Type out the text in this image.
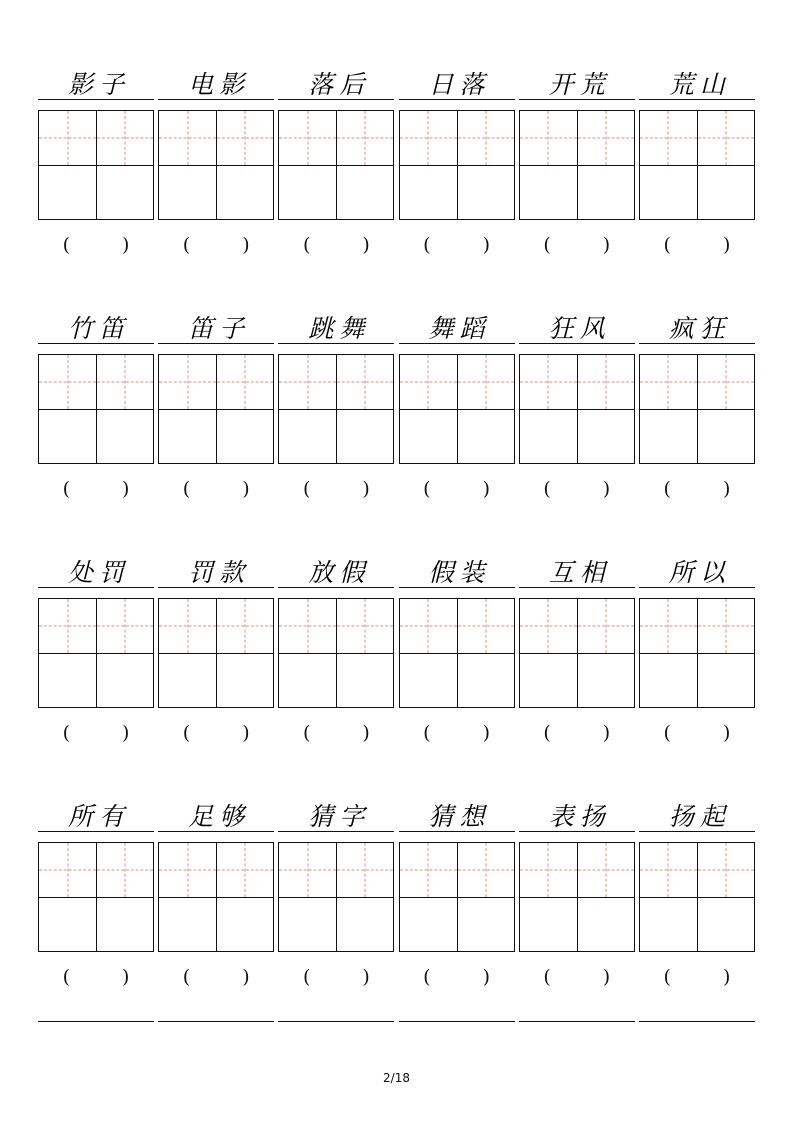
影子
(	)
电影
(	)
落后
(	)
日落
(	)
开荒
(	)
荒山
(	)
竹笛
(	)
笛子
(	)
跳舞
(	)
舞蹈
(	)
狂风
(	)
疯狂
(	)
处罚
(	)
罚款
(	)
放假
(	)
假装
(	)
互相
(	)
所以
(	)
所有
(	)
足够
(	)
猜字
(	)
猜想
(	)
表扬
(	)
扬起
(	)
2/18
